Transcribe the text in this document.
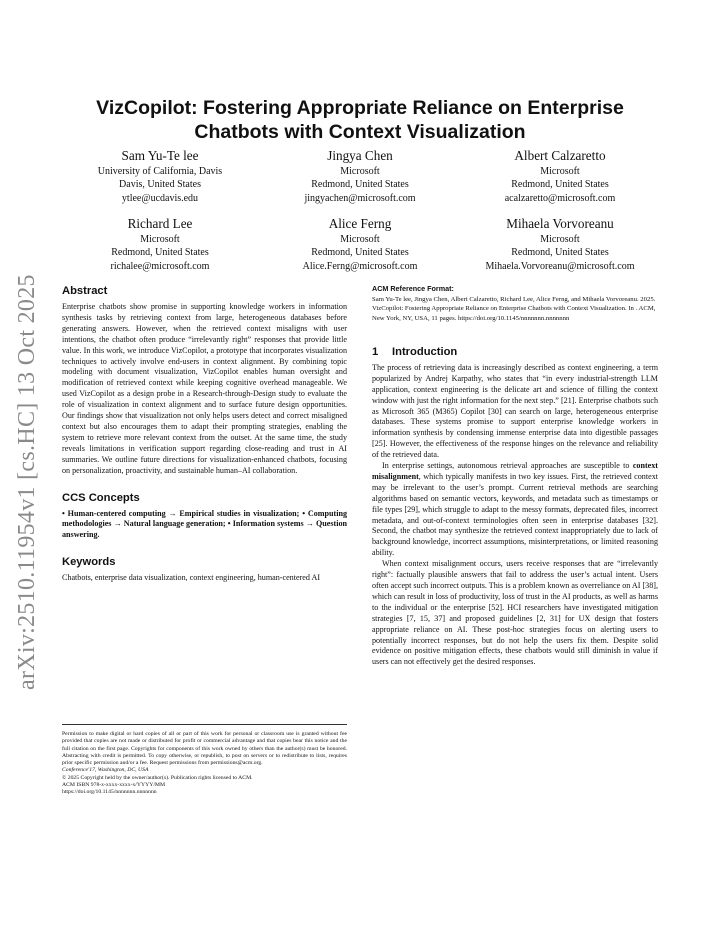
arXiv:2510.11954v1 [cs.HC] 13 Oct 2025
VizCopilot: Fostering Appropriate Reliance on Enterprise
Chatbots with Context Visualization
Sam Yu-Te lee
University of California, Davis
Davis, United States
ytlee@ucdavis.edu
Jingya Chen
Microsoft
Redmond, United States
jingyachen@microsoft.com
Albert Calzaretto
Microsoft
Redmond, United States
acalzaretto@microsoft.com
Richard Lee
Microsoft
Redmond, United States
richalee@microsoft.com
Alice Ferng
Microsoft
Redmond, United States
Alice.Ferng@microsoft.com
Mihaela Vorvoreanu
Microsoft
Redmond, United States
Mihaela.Vorvoreanu@microsoft.com
Abstract

Enterprise chatbots show promise in supporting knowledge workers in information synthesis tasks by retrieving context from large, heterogeneous databases before generating answers. However, when the retrieved context misaligns with user intentions, the chatbot often produce “irrelevantly right” responses that provide little value. In this work, we introduce VizCopilot, a prototype that incorporates visualization techniques to actively involve end-users in context alignment. By combining topic modeling with document visualization, VizCopilot enables human oversight and modification of retrieved context while keeping cognitive overhead manageable. We used VizCopilot as a design probe in a Research-through-Design study to evaluate the role of visualization in context alignment and to surface future design opportunities. Our findings show that visualization not only helps users detect and correct misaligned context but also encourages them to adapt their prompting strategies, enabling the system to retrieve more relevant context from the outset. At the same time, the study reveals limitations in verification support regarding close-reading and trust in AI summaries. We outline future directions for visualization-enhanced chatbots, focusing on personalization, proactivity, and sustainable human–AI collaboration.

CCS Concepts

• Human-centered computing → Empirical studies in visualization; • Computing methodologies → Natural language generation; • Information systems → Question answering.

Keywords

Chatbots, enterprise data visualization, context engineering, human-centered AI

Permission to make digital or hard copies of all or part of this work for personal or classroom use is granted without fee provided that copies are not made or distributed for profit or commercial advantage and that copies bear this notice and the full citation on the first page. Copyrights for components of this work owned by others than the author(s) must be honored. Abstracting with credit is permitted. To copy otherwise, or republish, to post on servers or to redistribute to lists, requires prior specific permission and/or a fee. Request permissions from permissions@acm.org.

Conference'17, Washington, DC, USA

© 2025 Copyright held by the owner/author(s). Publication rights licensed to ACM.

ACM ISBN 978-x-xxxx-xxxx-x/YYYY/MM

https://doi.org/10.1145/nnnnnnn.nnnnnnn

ACM Reference Format:

Sam Yu-Te lee, Jingya Chen, Albert Calzaretto, Richard Lee, Alice Ferng, and Mihaela Vorvoreanu. 2025. VizCopilot: Fostering Appropriate Reliance on Enterprise Chatbots with Context Visualization. In . ACM, New York, NY, USA, 11 pages. https://doi.org/10.1145/nnnnnnn.nnnnnnn

1 Introduction

The process of retrieving data is increasingly described as context engineering, a term popularized by Andrej Karpathy, who states that “in every industrial-strength LLM application, context engineering is the delicate art and science of filling the context window with just the right information for the next step.” [21]. Enterprise chatbots such as Microsoft 365 (M365) Copilot [30] can search on large, heterogeneous enterprise databases. These systems promise to support enterprise knowledge workers in information synthesis by condensing immense enterprise data into digestible passages [25]. However, the effectiveness of the response hinges on the relevance and reliability of the retrieved data.

In enterprise settings, autonomous retrieval approaches are susceptible to context misalignment, which typically manifests in two key issues. First, the retrieved context may be irrelevant to the user’s prompt. Current retrieval methods are searching algorithms based on semantic vectors, keywords, and metadata such as timestamps or file types [29], which struggle to adapt to the messy formats, deprecated files, incorrect metadata, and out-of-context terminologies often seen in enterprise databases [32]. Second, the chatbot may synthesize the retrieved context inappropriately due to lack of background knowledge, incorrect assumptions, misinterpretations, or limited reasoning ability.

When context misalignment occurs, users receive responses that are “irrelevantly right”: factually plausible answers that fail to address the user’s actual intent. Users often accept such incorrect outputs. This is a problem known as overreliance on AI [38], which can result in loss of productivity, loss of trust in the AI products, as well as harms to the individual or the enterprise [52]. HCI researchers have investigated mitigation strategies [7, 15, 37] and proposed guidelines [2, 31] for UX design that fosters appropriate reliance on AI. These post-hoc strategies focus on alerting users to potentially incorrect responses, but do not help the users fix them. Despite solid evidence on positive mitigation effects, these chatbots would still diminish in value if users can not effectively get the desired responses.
